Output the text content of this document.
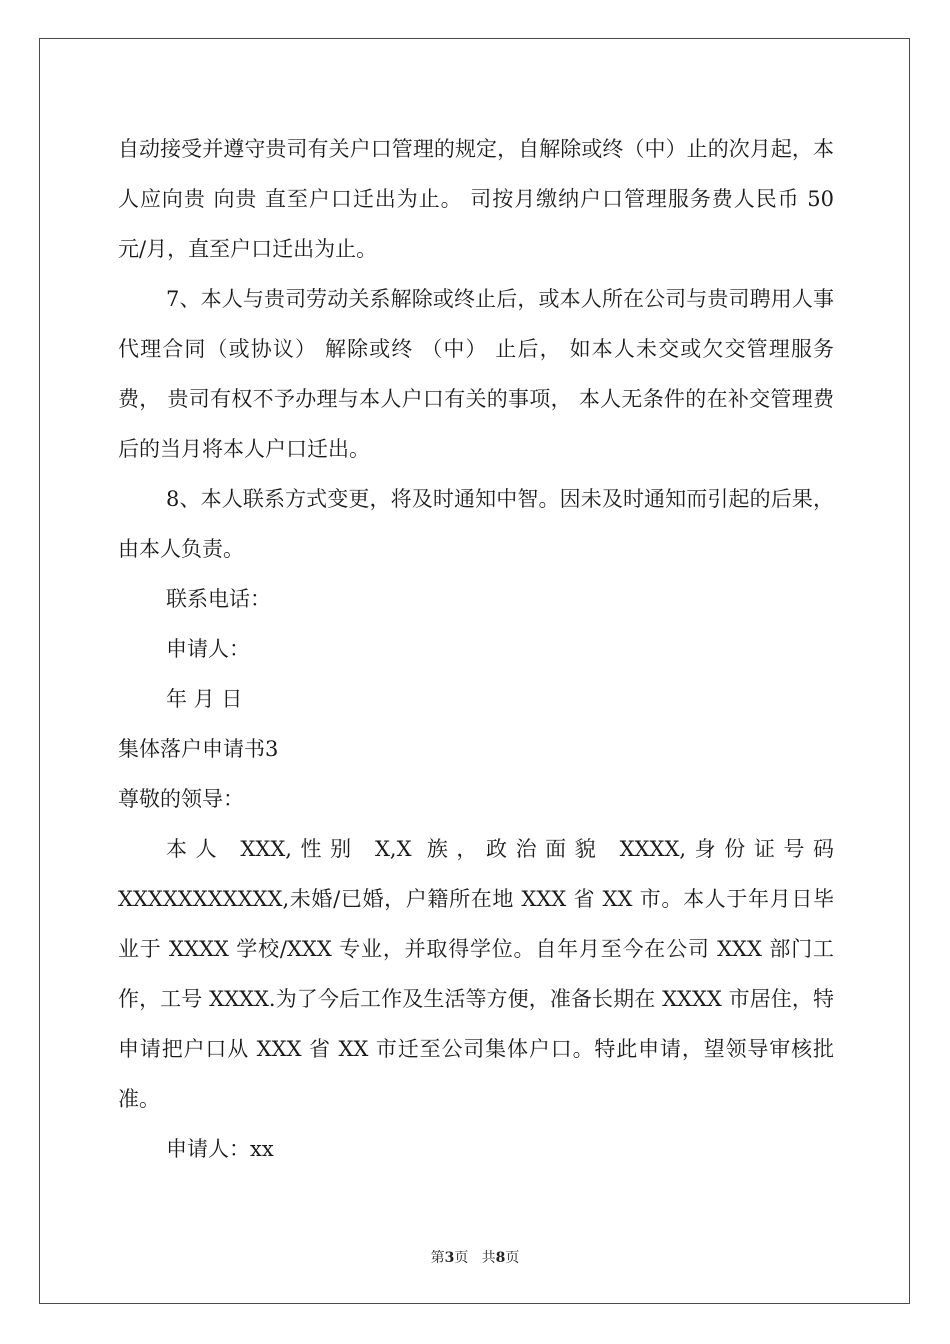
自动接受并遵守贵司有关户口管理的规定，自解除或终（中）止的次月起，本人应向贵 向贵 直至户口迁出为止。 司按月缴纳户口管理服务费人民币 50 元/月，直至户口迁出为止。

7、本人与贵司劳动关系解除或终止后，或本人所在公司与贵司聘用人事代理合同（或协议） 解除或终 （中） 止后， 如本人未交或欠交管理服务费， 贵司有权不予办理与本人户口有关的事项， 本人无条件的在补交管理费后的当月将本人户口迁出。

8、本人联系方式变更，将及时通知中智。因未及时通知而引起的后果，由本人负责。

联系电话：
申请人：
年 月 日
集体落户申请书3
尊敬的领导：

本人 XXX,性别 X,X 族，政治面貌 XXXX,身份证号码 XXXXXXXXXXX,未婚/已婚，户籍所在地 XXX 省 XX 市。本人于年月日毕业于 XXXX 学校/XXX 专业，并取得学位。自年月至今在公司 XXX 部门工作，工号 XXXX.为了今后工作及生活等方便，准备长期在 XXXX 市居住，特申请把户口从 XXX 省 XX 市迁至公司集体户口。特此申请，望领导审核批准。

申请人：xx
第3页 共8页
